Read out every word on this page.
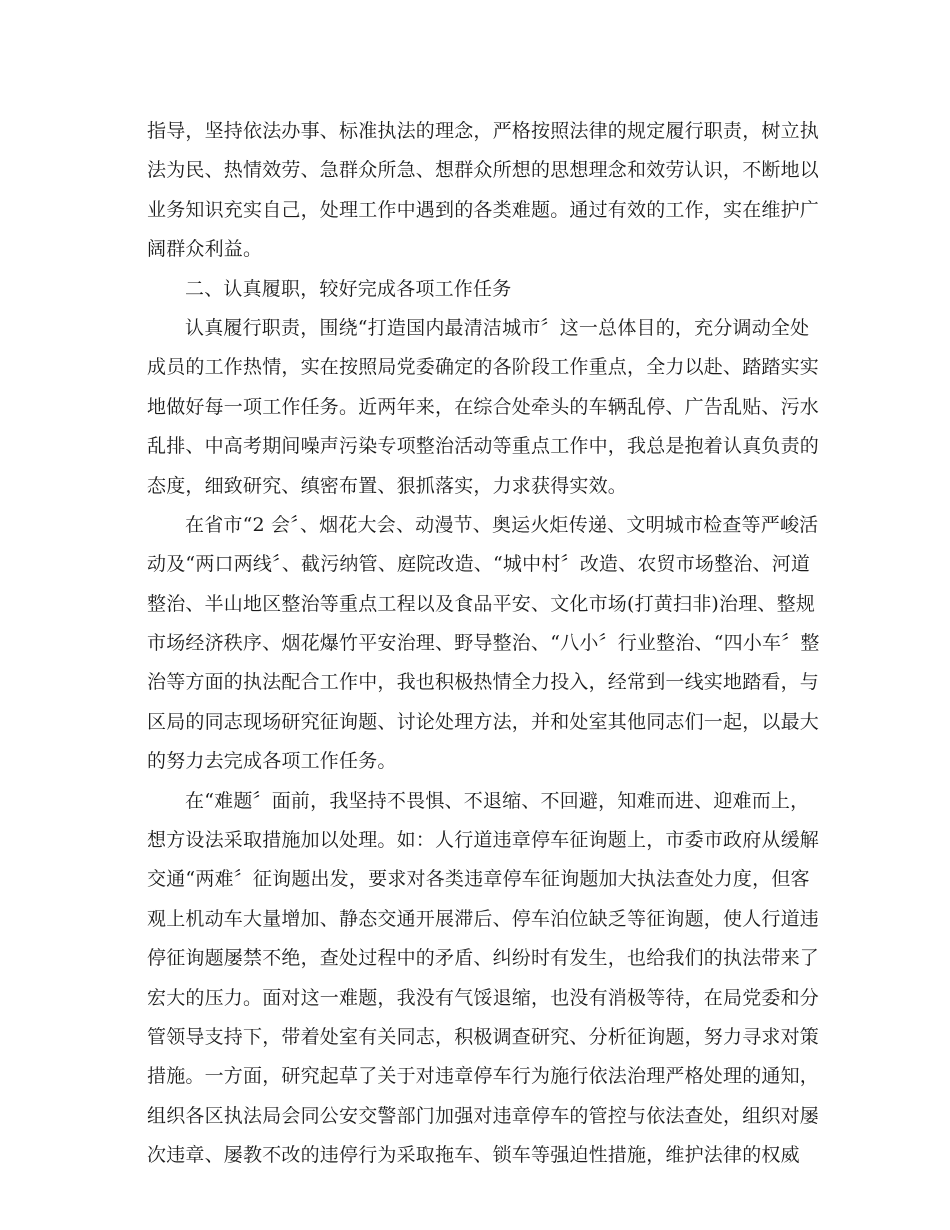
指导，坚持依法办事、标准执法的理念，严格按照法律的规定履行职责，树立执
法为民、热情效劳、急群众所急、想群众所想的思想理念和效劳认识，不断地以
业务知识充实自己，处理工作中遇到的各类难题。通过有效的工作，实在维护广
阔群众利益。
二、认真履职，较好完成各项工作任务
认真履行职责，围绕“打造国内最清洁城市〞这一总体目的，充分调动全处
成员的工作热情，实在按照局党委确定的各阶段工作重点，全力以赴、踏踏实实
地做好每一项工作任务。近两年来，在综合处牵头的车辆乱停、广告乱贴、污水
乱排、中高考期间噪声污染专项整治活动等重点工作中，我总是抱着认真负责的
态度，细致研究、缜密布置、狠抓落实，力求获得实效。
在省市“2 会〞、烟花大会、动漫节、奥运火炬传递、文明城市检查等严峻活
动及“两口两线〞、截污纳管、庭院改造、“城中村〞改造、农贸市场整治、河道
整治、半山地区整治等重点工程以及食品平安、文化市场(打黄扫非)治理、整规
市场经济秩序、烟花爆竹平安治理、野导整治、“八小〞行业整治、“四小车〞整
治等方面的执法配合工作中，我也积极热情全力投入，经常到一线实地踏看，与
区局的同志现场研究征询题、讨论处理方法，并和处室其他同志们一起，以最大
的努力去完成各项工作任务。
在“难题〞面前，我坚持不畏惧、不退缩、不回避，知难而进、迎难而上，
想方设法采取措施加以处理。如：人行道违章停车征询题上，市委市政府从缓解
交通“两难〞征询题出发，要求对各类违章停车征询题加大执法查处力度，但客
观上机动车大量增加、静态交通开展滞后、停车泊位缺乏等征询题，使人行道违
停征询题屡禁不绝，查处过程中的矛盾、纠纷时有发生，也给我们的执法带来了
宏大的压力。面对这一难题，我没有气馁退缩，也没有消极等待，在局党委和分
管领导支持下，带着处室有关同志，积极调查研究、分析征询题，努力寻求对策
措施。一方面，研究起草了关于对违章停车行为施行依法治理严格处理的通知，
组织各区执法局会同公安交警部门加强对违章停车的管控与依法查处，组织对屡
次违章、屡教不改的违停行为采取拖车、锁车等强迫性措施，维护法律的权威
